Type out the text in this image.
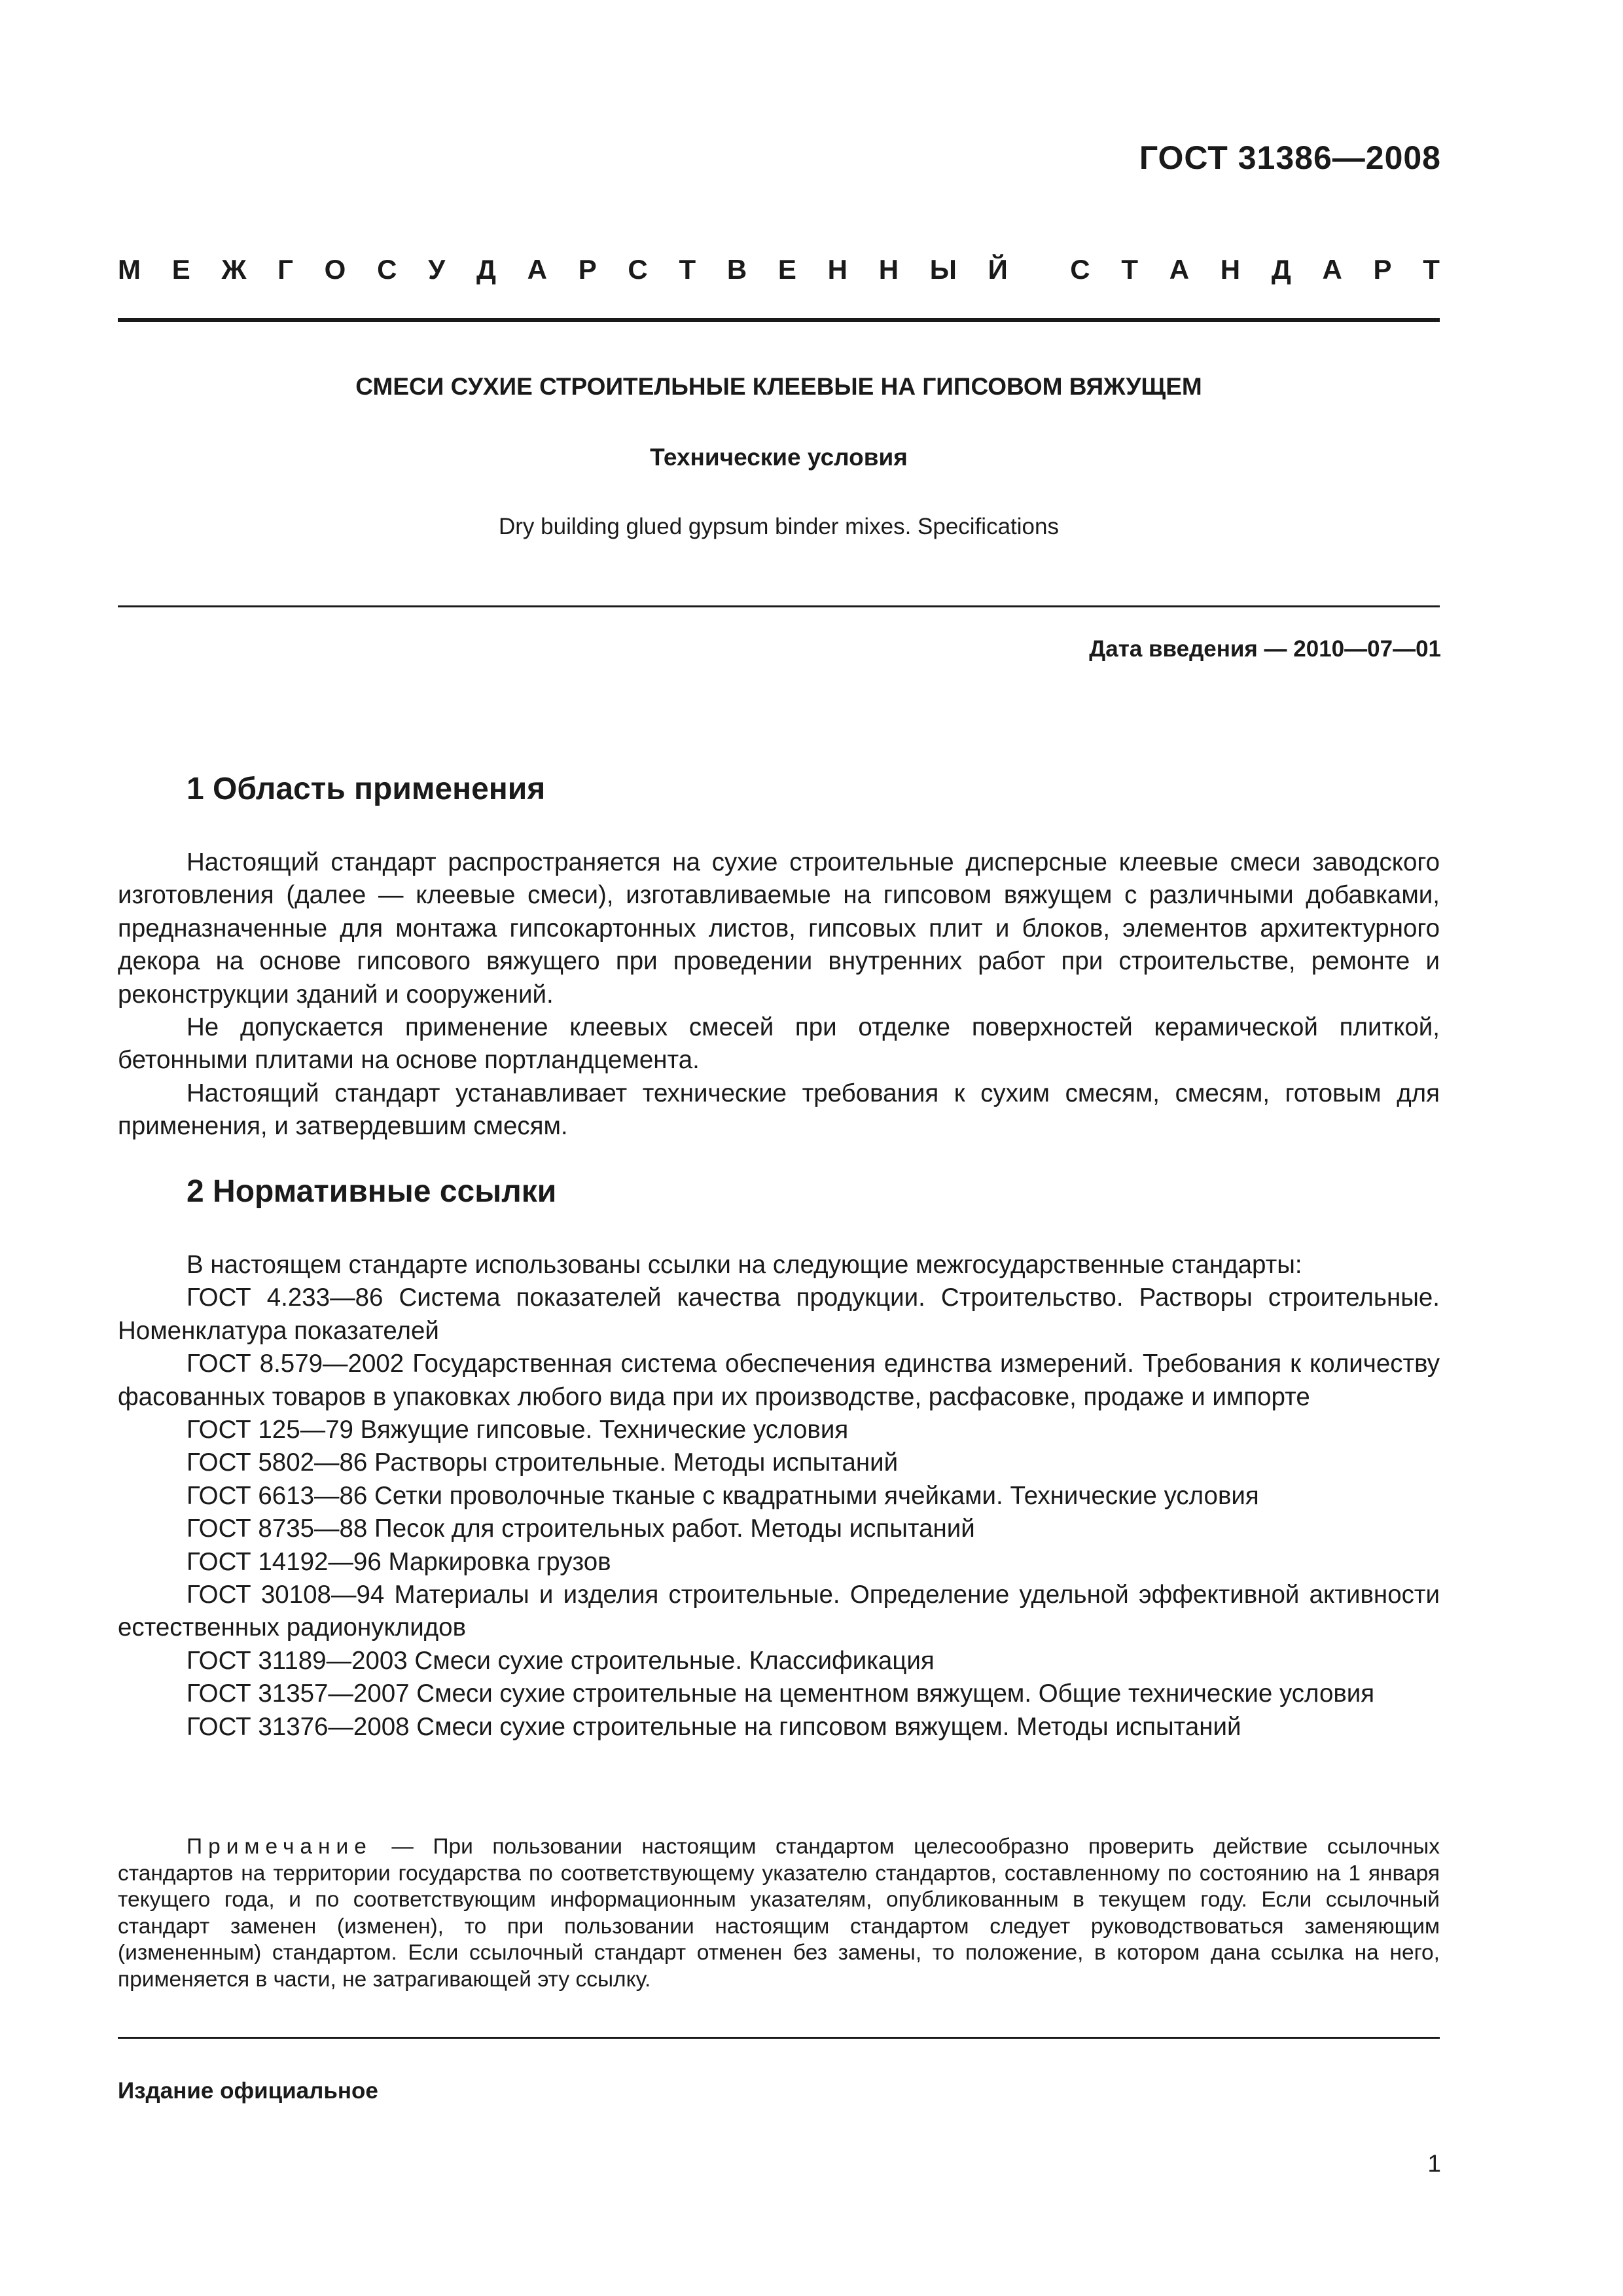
ГОСТ 31386—2008
М Е Ж Г О С У Д А Р С Т В Е Н Н Ы Й С Т А Н Д А Р Т
СМЕСИ СУХИЕ СТРОИТЕЛЬНЫЕ КЛЕЕВЫЕ НА ГИПСОВОМ ВЯЖУЩЕМ
Технические условия
Dry building glued gypsum binder mixes. Specifications
Дата введения — 2010—07—01
1 Область применения

Настоящий стандарт распространяется на сухие строительные дисперсные клеевые смеси заводского изготовления (далее — клеевые смеси), изготавливаемые на гипсовом вяжущем с различными добавками, предназначенные для монтажа гипсокартонных листов, гипсовых плит и блоков, элементов архитектурного декора на основе гипсового вяжущего при проведении внутренних работ при строительстве, ремонте и реконструкции зданий и сооружений.

Не допускается применение клеевых смесей при отделке поверхностей керамической плиткой, бетонными плитами на основе портландцемента.

Настоящий стандарт устанавливает технические требования к сухим смесям, смесям, готовым для применения, и затвердевшим смесям.

2 Нормативные ссылки

В настоящем стандарте использованы ссылки на следующие межгосударственные стандарты:

ГОСТ 4.233—86 Система показателей качества продукции. Строительство. Растворы строительные. Номенклатура показателей

ГОСТ 8.579—2002 Государственная система обеспечения единства измерений. Требования к количеству фасованных товаров в упаковках любого вида при их производстве, расфасовке, продаже и импорте

ГОСТ 125—79 Вяжущие гипсовые. Технические условия

ГОСТ 5802—86 Растворы строительные. Методы испытаний

ГОСТ 6613—86 Сетки проволочные тканые с квадратными ячейками. Технические условия

ГОСТ 8735—88 Песок для строительных работ. Методы испытаний

ГОСТ 14192—96 Маркировка грузов

ГОСТ 30108—94 Материалы и изделия строительные. Определение удельной эффективной активности естественных радионуклидов

ГОСТ 31189—2003 Смеси сухие строительные. Классификация

ГОСТ 31357—2007 Смеси сухие строительные на цементном вяжущем. Общие технические условия

ГОСТ 31376—2008 Смеси сухие строительные на гипсовом вяжущем. Методы испытаний

Примечание — При пользовании настоящим стандартом целесообразно проверить действие ссылочных стандартов на территории государства по соответствующему указателю стандартов, составленному по состоянию на 1 января текущего года, и по соответствующим информационным указателям, опубликованным в текущем году. Если ссылочный стандарт заменен (изменен), то при пользовании настоящим стандартом следует руководствоваться заменяющим (измененным) стандартом. Если ссылочный стандарт отменен без замены, то положение, в котором дана ссылка на него, применяется в части, не затрагивающей эту ссылку.
Издание официальное
1
